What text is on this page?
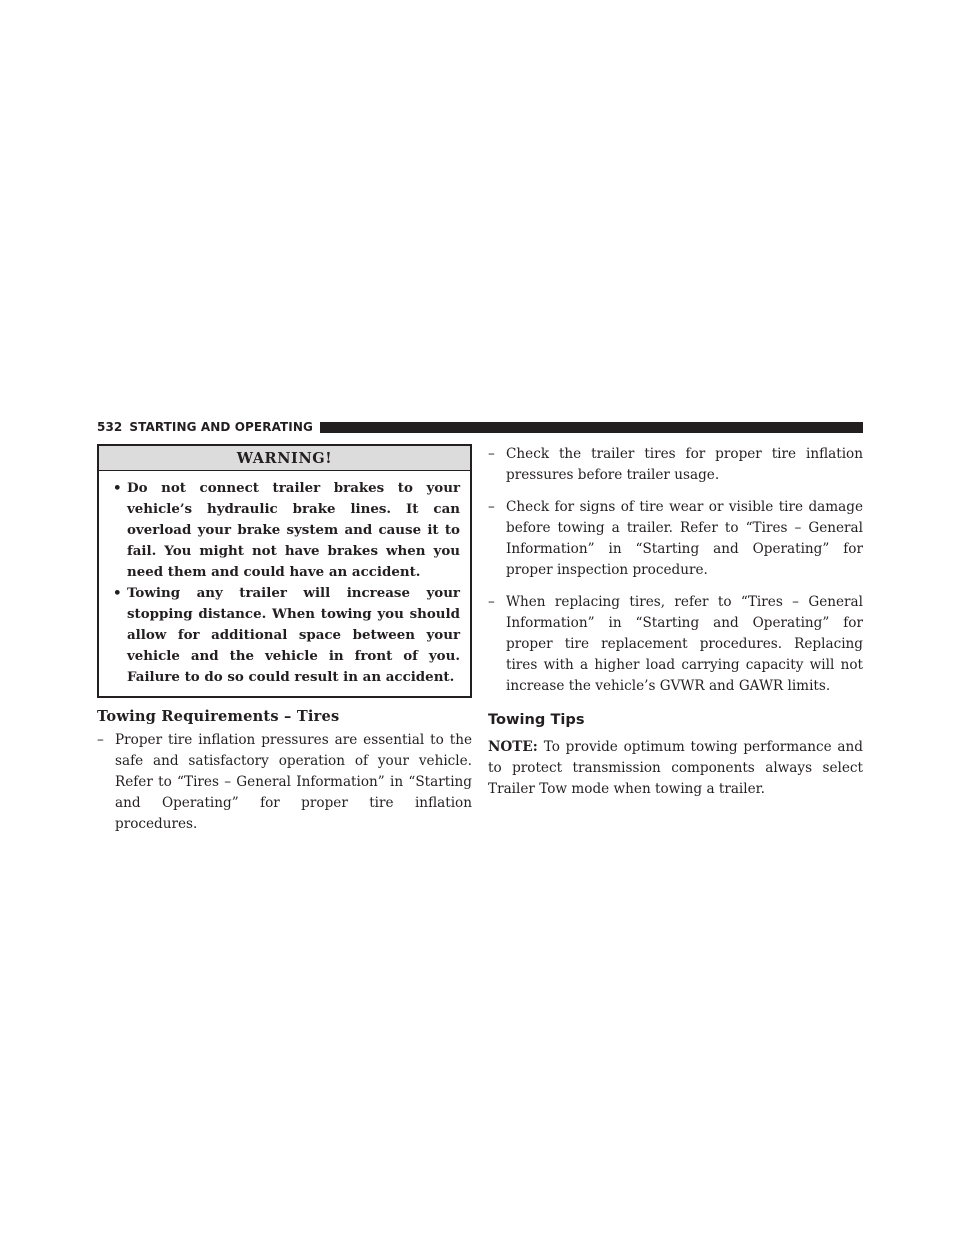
532 STARTING AND OPERATING
WARNING!
• Do not connect trailer brakes to your vehicle’s hydraulic brake lines. It can overload your brake system and cause it to fail. You might not have brakes when you need them and could have an accident.
• Towing any trailer will increase your stopping distance. When towing you should allow for additional space between your vehicle and the vehicle in front of you. Failure to do so could result in an accident.
Towing Requirements – Tires

– Proper tire inflation pressures are essential to the safe and satisfactory operation of your vehicle. Refer to “Tires – General Information” in “Starting and Operating” for proper tire inflation procedures.

– Check the trailer tires for proper tire inflation pressures before trailer usage.

– Check for signs of tire wear or visible tire damage before towing a trailer. Refer to “Tires – General Information” in “Starting and Operating” for proper inspection procedure.

– When replacing tires, refer to “Tires – General Information” in “Starting and Operating” for proper tire replacement procedures. Replacing tires with a higher load carrying capacity will not increase the vehicle’s GVWR and GAWR limits.

Towing Tips

NOTE: To provide optimum towing performance and to protect transmission components always select Trailer Tow mode when towing a trailer.
